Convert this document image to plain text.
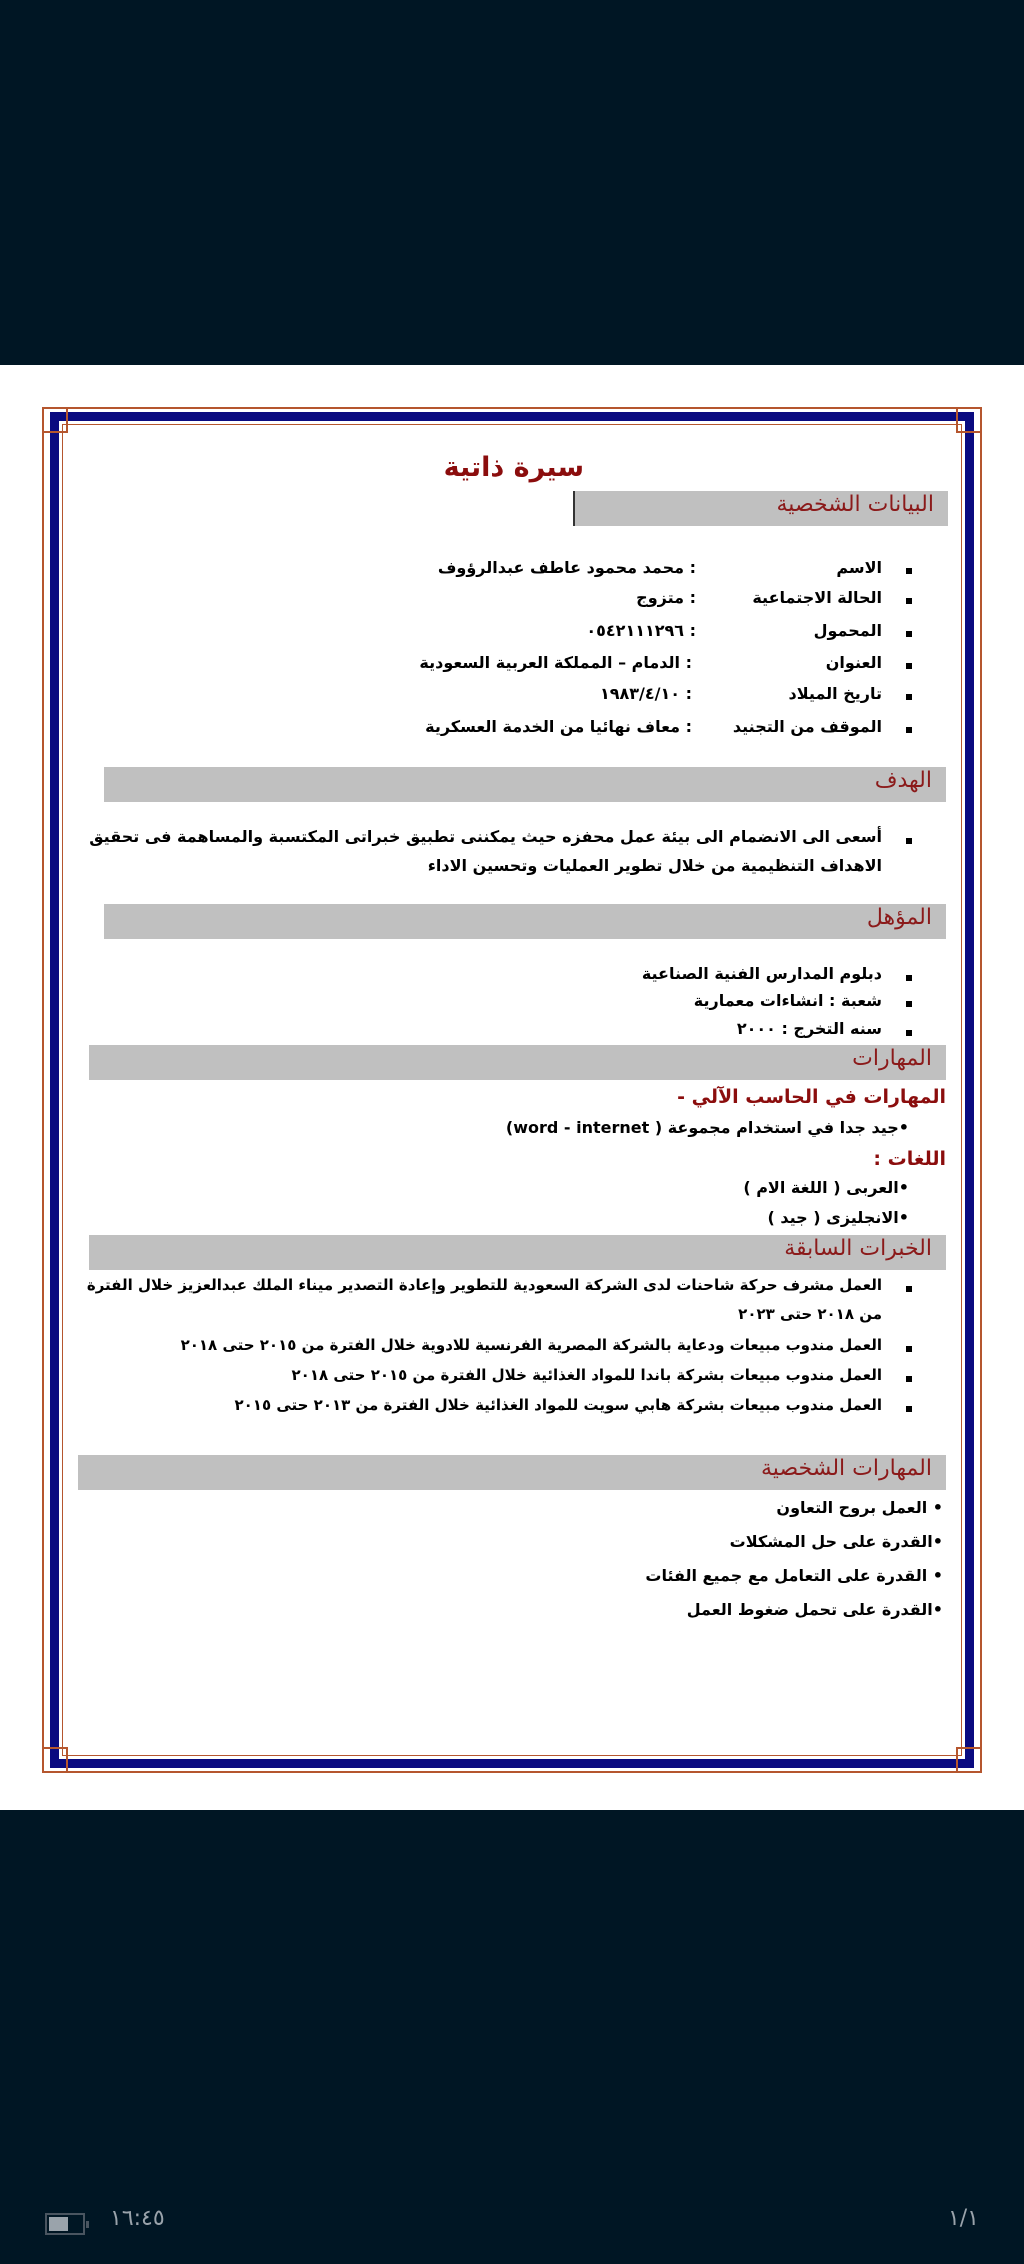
سيرة ذاتية
البيانات الشخصية
الاسم
: محمد محمود عاطف عبدالرؤوف
الحالة الاجتماعية
: متزوج
المحمول
: ٠٥٤٢١١١٢٩٦
العنوان
: الدمام – المملكة العربية السعودية
تاريخ الميلاد
: ١٩٨٣/٤/١٠
الموقف من التجنيد
: معاف نهائيا من الخدمة العسكرية
الهدف
أسعى الى الانضمام الى بيئة عمل محفزه حيث يمكننى تطبيق خبراتى المكتسبة والمساهمة فى تحقيق
الاهداف التنظيمية من خلال تطوير العمليات وتحسين الاداء
المؤهل
دبلوم المدارس الفنية الصناعية
شعبة : انشاءات معمارية
سنه التخرج : ٢٠٠٠
المهارات
المهارات في الحاسب الآلي -
•جيد جدا في استخدام مجموعة ( word - internet)
اللغات :
•العربى ( اللغة الام )
•الانجليزى ( جيد )
الخبرات السابقة
العمل مشرف حركة شاحنات لدى الشركة السعودية للتطوير وإعادة التصدير ميناء الملك عبدالعزيز خلال الفترة
من ٢٠١٨ حتى ٢٠٢٣
العمل مندوب مبيعات ودعاية بالشركة المصرية الفرنسية للادوية خلال الفترة من ٢٠١٥ حتى ٢٠١٨
العمل مندوب مبيعات بشركة باندا للمواد الغذائية خلال الفترة من ٢٠١٥ حتى ٢٠١٨
العمل مندوب مبيعات بشركة هابي سويت للمواد الغذائية خلال الفترة من ٢٠١٣ حتى ٢٠١٥
المهارات الشخصية
• العمل بروح التعاون
•القدرة على حل المشكلات
• القدرة على التعامل مع جميع الفئات
•القدرة على تحمل ضغوط العمل
١٦:٤٥	١/١
